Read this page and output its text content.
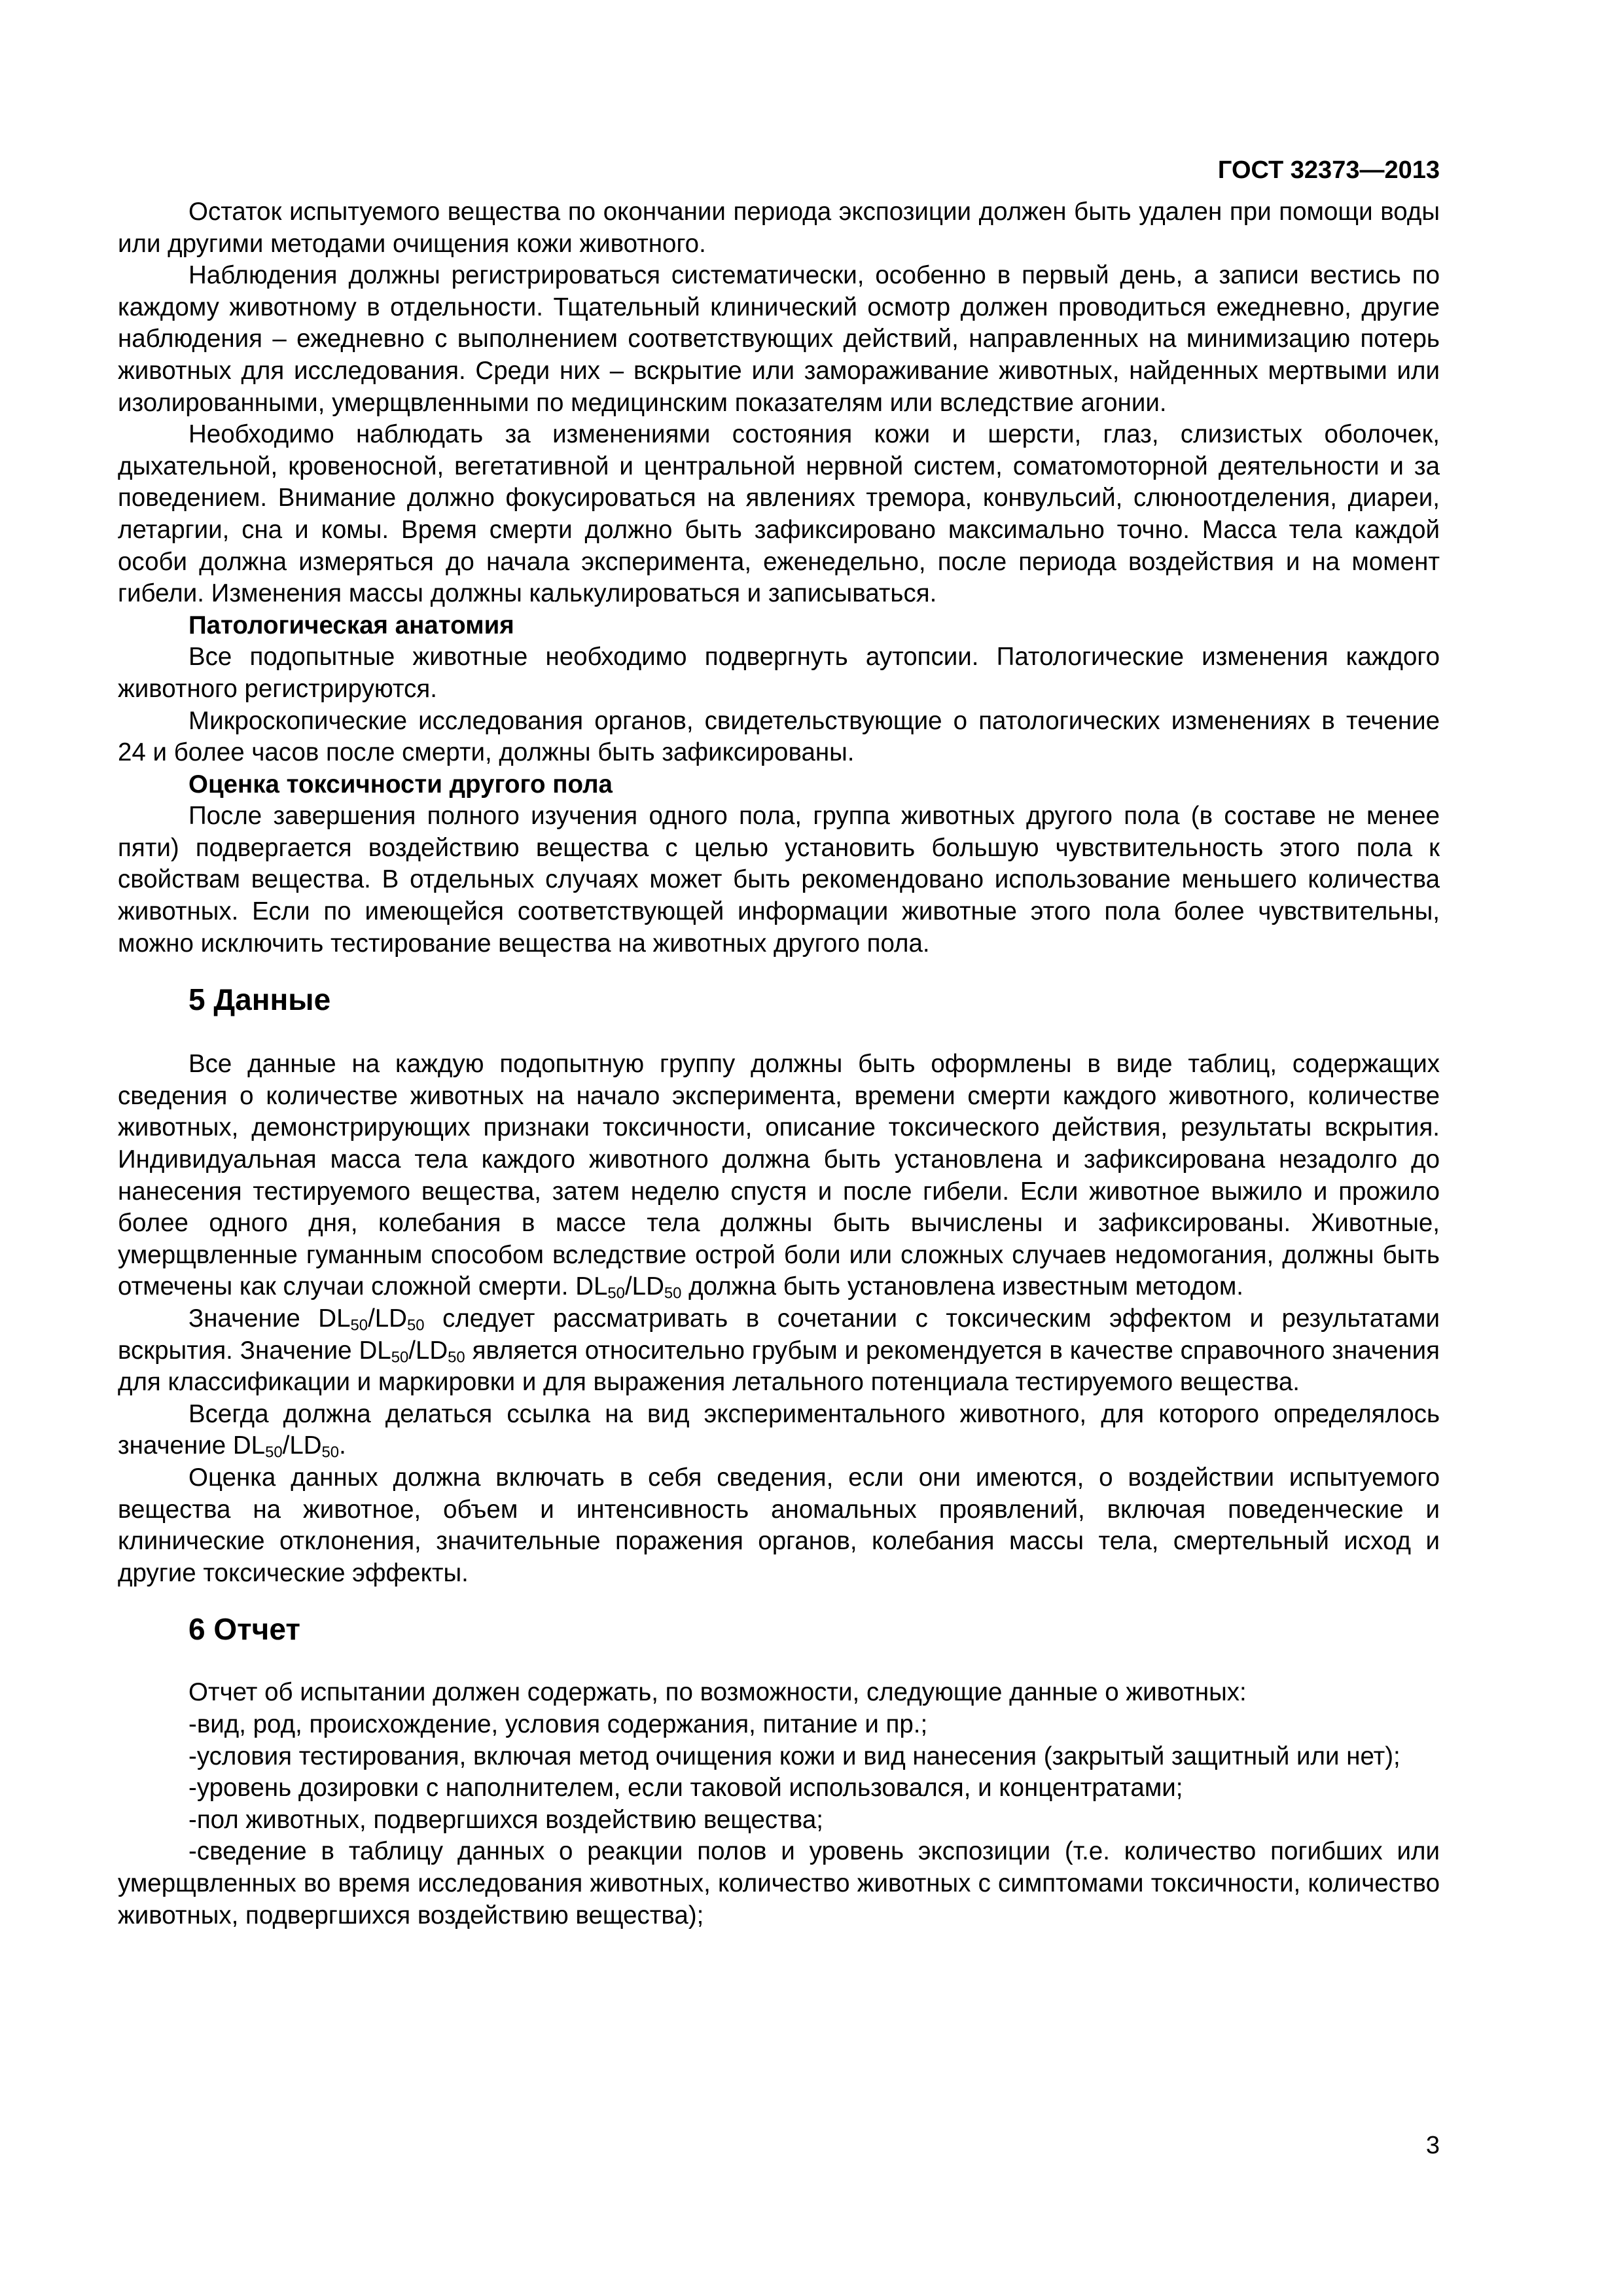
ГОСТ 32373—2013

Остаток испытуемого вещества по окончании периода экспозиции должен быть удален при помощи воды или другими методами очищения кожи животного.

Наблюдения должны регистрироваться систематически, особенно в первый день, а записи вестись по каждому животному в отдельности. Тщательный клинический осмотр должен проводиться ежедневно, другие наблюдения – ежедневно с выполнением соответствующих действий, направленных на минимизацию потерь животных для исследования. Среди них – вскрытие или замораживание животных, найденных мертвыми или изолированными, умерщвленными по медицинским показателям или вследствие агонии.

Необходимо наблюдать за изменениями состояния кожи и шерсти, глаз, слизистых оболочек, дыхательной, кровеносной, вегетативной и центральной нервной систем, соматомоторной деятельности и за поведением. Внимание должно фокусироваться на явлениях тремора, конвульсий, слюноотделения, диареи, летаргии, сна и комы. Время смерти должно быть зафиксировано максимально точно. Масса тела каждой особи должна измеряться до начала эксперимента, еженедельно, после периода воздействия и на момент гибели. Изменения массы должны калькулироваться и записываться.

Патологическая анатомия

Все подопытные животные необходимо подвергнуть аутопсии. Патологические изменения каждого животного регистрируются.

Микроскопические исследования органов, свидетельствующие о патологических изменениях в течение 24 и более часов после смерти, должны быть зафиксированы.

Оценка токсичности другого пола

После завершения полного изучения одного пола, группа животных другого пола (в составе не менее пяти) подвергается воздействию вещества с целью установить большую чувствительность этого пола к свойствам вещества. В отдельных случаях может быть рекомендовано использование меньшего количества животных. Если по имеющейся соответствующей информации животные этого пола более чувствительны, можно исключить тестирование вещества на животных другого пола.

5 Данные

Все данные на каждую подопытную группу должны быть оформлены в виде таблиц, содержащих сведения о количестве животных на начало эксперимента, времени смерти каждого животного, количестве животных, демонстрирующих признаки токсичности, описание токсического действия, результаты вскрытия. Индивидуальная масса тела каждого животного должна быть установлена и зафиксирована незадолго до нанесения тестируемого вещества, затем неделю спустя и после гибели. Если животное выжило и прожило более одного дня, колебания в массе тела должны быть вычислены и зафиксированы. Животные, умерщвленные гуманным способом вследствие острой боли или сложных случаев недомогания, должны быть отмечены как случаи сложной смерти. $DL_{50}/LD_{50}$ должна быть установлена известным методом.

Значение $DL_{50}/LD_{50}$ следует рассматривать в сочетании с токсическим эффектом и результатами вскрытия. Значение $DL_{50}/LD_{50}$ является относительно грубым и рекомендуется в качестве справочного значения для классификации и маркировки и для выражения летального потенциала тестируемого вещества.

Всегда должна делаться ссылка на вид экспериментального животного, для которого определялось значение $DL_{50}/LD_{50}$.

Оценка данных должна включать в себя сведения, если они имеются, о воздействии испытуемого вещества на животное, объем и интенсивность аномальных проявлений, включая поведенческие и клинические отклонения, значительные поражения органов, колебания массы тела, смертельный исход и другие токсические эффекты.

6 Отчет

Отчет об испытании должен содержать, по возможности, следующие данные о животных:

-вид, род, происхождение, условия содержания, питание и пр.;

-условия тестирования, включая метод очищения кожи и вид нанесения (закрытый защитный или нет);

-уровень дозировки с наполнителем, если таковой использовался, и концентратами;

-пол животных, подвергшихся воздействию вещества;

-сведение в таблицу данных о реакции полов и уровень экспозиции (т.е. количество погибших или умерщвленных во время исследования животных, количество животных с симптомами токсичности, количество животных, подвергшихся воздействию вещества);

3
